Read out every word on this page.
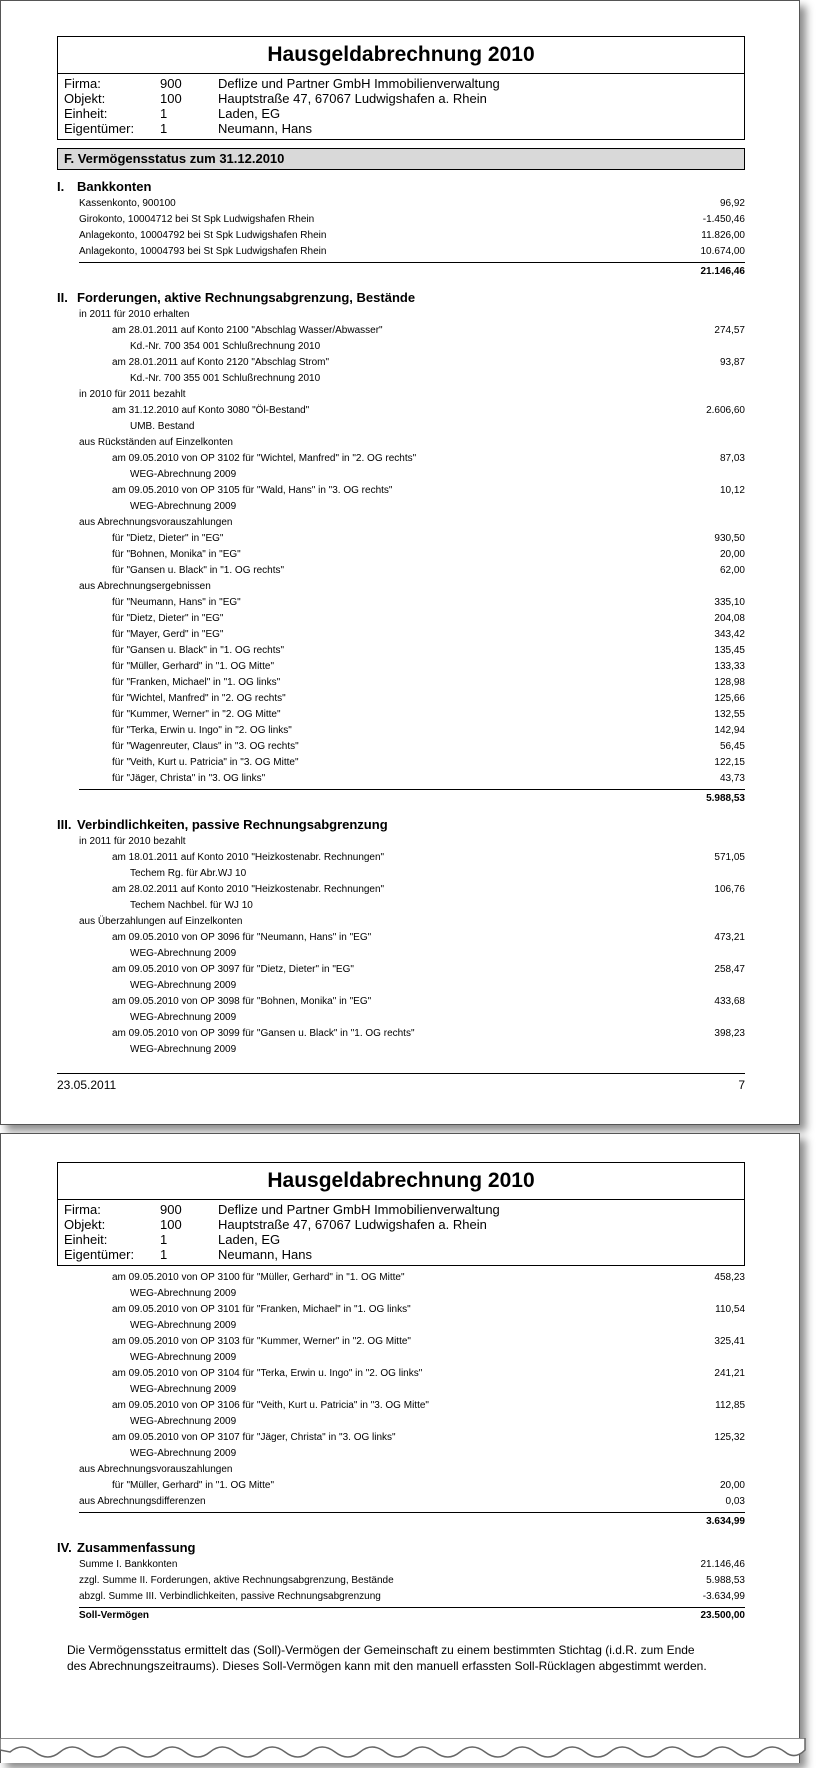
Hausgeldabrechnung 2010
Firma:	900	Deflize und Partner GmbH Immobilienverwaltung
Objekt:	100	Hauptstraße 47, 67067 Ludwigshafen a. Rhein
Einheit:	1	Laden, EG
Eigentümer:	1	Neumann, Hans
F. Vermögensstatus zum 31.12.2010
I. Bankkonten
Kassenkonto, 900100	96,92
Girokonto, 10004712 bei St Spk Ludwigshafen Rhein	-1.450,46
Anlagekonto, 10004792 bei St Spk Ludwigshafen Rhein	11.826,00
Anlagekonto, 10004793 bei St Spk Ludwigshafen Rhein	10.674,00
21.146,46
II. Forderungen, aktive Rechnungsabgrenzung, Bestände
in 2011 für 2010 erhalten
am 28.01.2011 auf Konto 2100 "Abschlag Wasser/Abwasser"	274,57
Kd.-Nr. 700 354 001 Schlußrechnung 2010
am 28.01.2011 auf Konto 2120 "Abschlag Strom"	93,87
Kd.-Nr. 700 355 001 Schlußrechnung 2010
in 2010 für 2011 bezahlt
am 31.12.2010 auf Konto 3080 "Öl-Bestand"	2.606,60
UMB. Bestand
aus Rückständen auf Einzelkonten
am 09.05.2010 von OP 3102 für "Wichtel, Manfred" in "2. OG rechts"	87,03
WEG-Abrechnung 2009
am 09.05.2010 von OP 3105 für "Wald, Hans" in "3. OG rechts"	10,12
WEG-Abrechnung 2009
aus Abrechnungsvorauszahlungen
für "Dietz, Dieter" in "EG"	930,50
für "Bohnen, Monika" in "EG"	20,00
für "Gansen u. Black" in "1. OG rechts"	62,00
aus Abrechnungsergebnissen
für "Neumann, Hans" in "EG"	335,10
für "Dietz, Dieter" in "EG"	204,08
für "Mayer, Gerd" in "EG"	343,42
für "Gansen u. Black" in "1. OG rechts"	135,45
für "Müller, Gerhard" in "1. OG Mitte"	133,33
für "Franken, Michael" in "1. OG links"	128,98
für "Wichtel, Manfred" in "2. OG rechts"	125,66
für "Kummer, Werner" in "2. OG Mitte"	132,55
für "Terka, Erwin u. Ingo" in "2. OG links"	142,94
für "Wagenreuter, Claus" in "3. OG rechts"	56,45
für "Veith, Kurt u. Patricia" in "3. OG Mitte"	122,15
für "Jäger, Christa" in "3. OG links"	43,73
5.988,53
III. Verbindlichkeiten, passive Rechnungsabgrenzung
in 2011 für 2010 bezahlt
am 18.01.2011 auf Konto 2010 "Heizkostenabr. Rechnungen"	571,05
Techem Rg. für Abr.WJ 10
am 28.02.2011 auf Konto 2010 "Heizkostenabr. Rechnungen"	106,76
Techem Nachbel. für WJ 10
aus Überzahlungen auf Einzelkonten
am 09.05.2010 von OP 3096 für "Neumann, Hans" in "EG"	473,21
WEG-Abrechnung 2009
am 09.05.2010 von OP 3097 für "Dietz, Dieter" in "EG"	258,47
WEG-Abrechnung 2009
am 09.05.2010 von OP 3098 für "Bohnen, Monika" in "EG"	433,68
WEG-Abrechnung 2009
am 09.05.2010 von OP 3099 für "Gansen u. Black" in "1. OG rechts"	398,23
WEG-Abrechnung 2009
23.05.2011	7
Hausgeldabrechnung 2010
Firma:	900	Deflize und Partner GmbH Immobilienverwaltung
Objekt:	100	Hauptstraße 47, 67067 Ludwigshafen a. Rhein
Einheit:	1	Laden, EG
Eigentümer:	1	Neumann, Hans
am 09.05.2010 von OP 3100 für "Müller, Gerhard" in "1. OG Mitte"	458,23
WEG-Abrechnung 2009
am 09.05.2010 von OP 3101 für "Franken, Michael" in "1. OG links"	110,54
WEG-Abrechnung 2009
am 09.05.2010 von OP 3103 für "Kummer, Werner" in "2. OG Mitte"	325,41
WEG-Abrechnung 2009
am 09.05.2010 von OP 3104 für "Terka, Erwin u. Ingo" in "2. OG links"	241,21
WEG-Abrechnung 2009
am 09.05.2010 von OP 3106 für "Veith, Kurt u. Patricia" in "3. OG Mitte"	112,85
WEG-Abrechnung 2009
am 09.05.2010 von OP 3107 für "Jäger, Christa" in "3. OG links"	125,32
WEG-Abrechnung 2009
aus Abrechnungsvorauszahlungen
für "Müller, Gerhard" in "1. OG Mitte"	20,00
aus Abrechnungsdifferenzen	0,03
3.634,99
IV. Zusammenfassung
Summe I. Bankkonten	21.146,46
zzgl. Summe II. Forderungen, aktive Rechnungsabgrenzung, Bestände	5.988,53
abzgl. Summe III. Verbindlichkeiten, passive Rechnungsabgrenzung	-3.634,99
Soll-Vermögen	23.500,00
Die Vermögensstatus ermittelt das (Soll)-Vermögen der Gemeinschaft zu einem bestimmten Stichtag (i.d.R. zum Ende des Abrechnungszeitraums). Dieses Soll-Vermögen kann mit den manuell erfassten Soll-Rücklagen abgestimmt werden.
